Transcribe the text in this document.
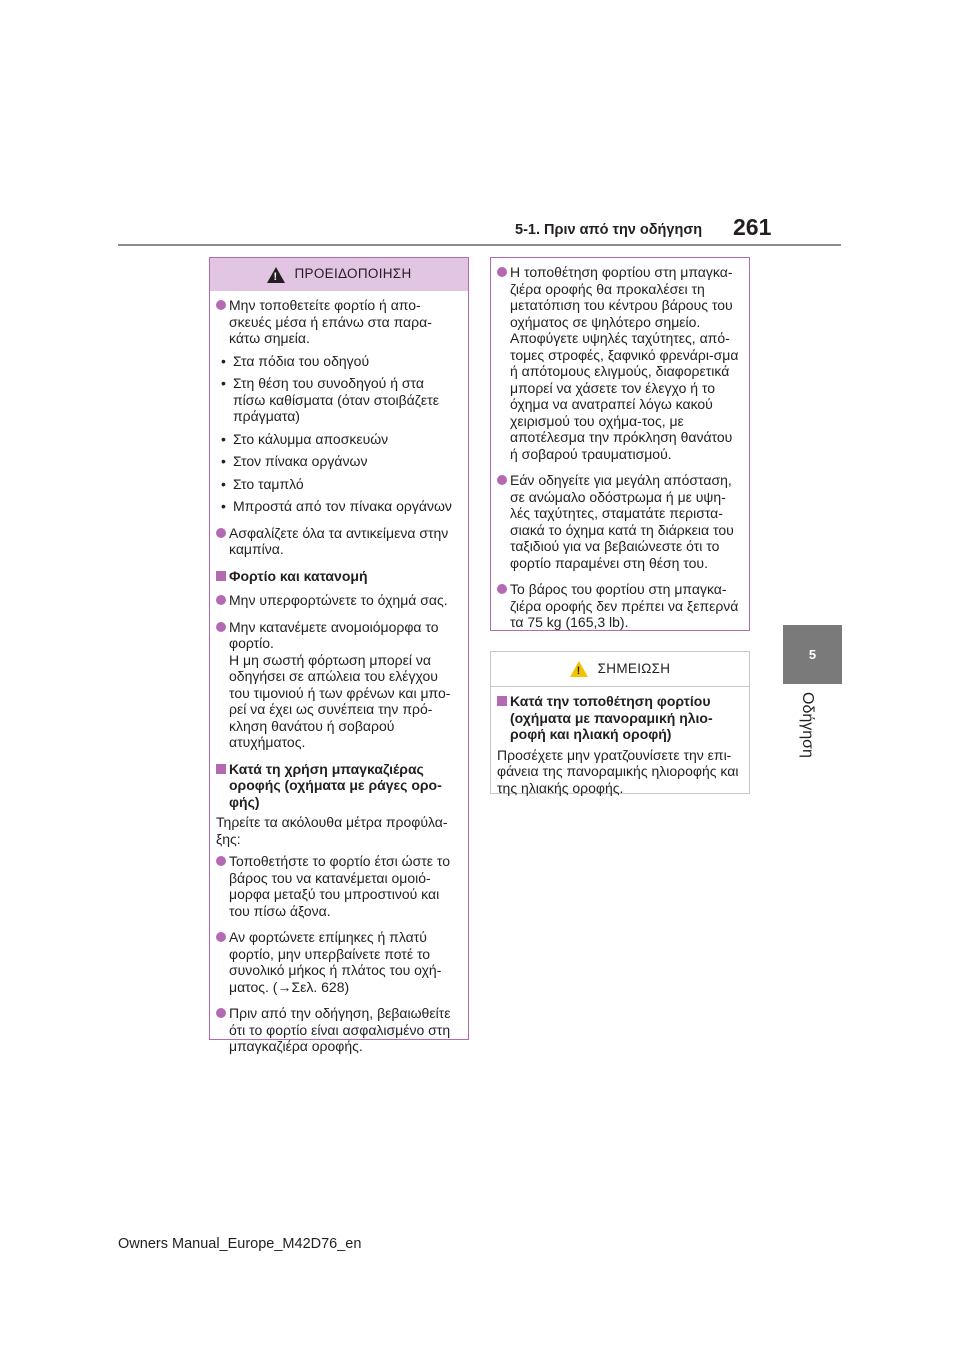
5-1. Πριν από την οδήγηση 261
5
Οδήγηση
!
ΠΡΟΕΙΔΟΠΟΙΗΣΗ
Μην τοποθετείτε φορτίο ή απο-σκευές μέσα ή επάνω στα παρα-κάτω σημεία.
• Στα πόδια του οδηγού
• Στη θέση του συνοδηγού ή στα πίσω καθίσματα (όταν στοιβάζετε πράγματα)
• Στο κάλυμμα αποσκευών
• Στον πίνακα οργάνων
• Στο ταμπλό
• Μπροστά από τον πίνακα οργάνων
Ασφαλίζετε όλα τα αντικείμενα στην καμπίνα.
Φορτίο και κατανομή
Μην υπερφορτώνετε το όχημά σας.
Μην κατανέμετε ανομοιόμορφα το φορτίο.
Η μη σωστή φόρτωση μπορεί να οδηγήσει σε απώλεια του ελέγχου του τιμονιού ή των φρένων και μπο-ρεί να έχει ως συνέπεια την πρό-κληση θανάτου ή σοβαρού ατυχήματος.
Κατά τη χρήση μπαγκαζιέρας οροφής (οχήματα με ράγες ορο-φής)
Τηρείτε τα ακόλουθα μέτρα προφύλα-ξης:
Τοποθετήστε το φορτίο έτσι ώστε το βάρος του να κατανέμεται ομοιό-μορφα μεταξύ του μπροστινού και του πίσω άξονα.
Αν φορτώνετε επίμηκες ή πλατύ φορτίο, μην υπερβαίνετε ποτέ το συνολικό μήκος ή πλάτος του οχή-ματος. (→Σελ. 628)
Πριν από την οδήγηση, βεβαιωθείτε ότι το φορτίο είναι ασφαλισμένο στη μπαγκαζιέρα οροφής.
Η τοποθέτηση φορτίου στη μπαγκα-ζιέρα οροφής θα προκαλέσει τη μετατόπιση του κέντρου βάρους του οχήματος σε ψηλότερο σημείο. Αποφύγετε υψηλές ταχύτητες, από-τομες στροφές, ξαφνικό φρενάρι-σμα ή απότομους ελιγμούς, διαφορετικά μπορεί να χάσετε τον έλεγχο ή το όχημα να ανατραπεί λόγω κακού χειρισμού του οχήμα-τος, με αποτέλεσμα την πρόκληση θανάτου ή σοβαρού τραυματισμού.
Εάν οδηγείτε για μεγάλη απόσταση, σε ανώμαλο οδόστρωμα ή με υψη-λές ταχύτητες, σταματάτε περιστα-σιακά το όχημα κατά τη διάρκεια του ταξιδιού για να βεβαιώνεστε ότι το φορτίο παραμένει στη θέση του.
Το βάρος του φορτίου στη μπαγκα-ζιέρα οροφής δεν πρέπει να ξεπερνά τα 75 kg (165,3 lb).
!
ΣΗΜΕΙΩΣΗ
Κατά την τοποθέτηση φορτίου (οχήματα με πανοραμική ηλιο-ροφή και ηλιακή οροφή)
Προσέχετε μην γρατζουνίσετε την επι-φάνεια της πανοραμικής ηλιοροφής και της ηλιακής οροφής.
Owners Manual_Europe_M42D76_en
